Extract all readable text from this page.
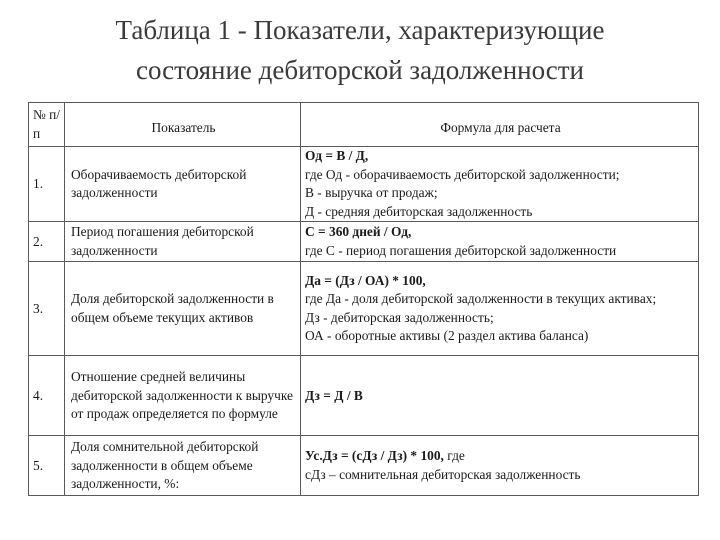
Таблица 1 - Показатели, характеризующие
состояние дебиторской задолженности
№ п/п	Показатель	Формула для расчета
1.	Оборачиваемость дебиторской задолженности	Од = В / Д,
где Од - оборачиваемость дебиторской задолженности;
В - выручка от продаж;
Д - средняя дебиторская задолженность

2.	Период погашения дебиторской задолженности	С = 360 дней / Од,
где С - период погашения дебиторской задолженности

3.	Доля дебиторской задолженности в общем объеме текущих активов	Да = (Дз / ОА) * 100,
где Да - доля дебиторской задолженности в текущих активах;
Дз - дебиторская задолженность;
ОА - оборотные активы (2 раздел актива баланса)

4.	Отношение средней величины дебиторской задолженности к выручке от продаж определяется по формуле	Дз = Д / В

5.	Доля сомнительной дебиторской задолженности в общем объеме задолженности, %:	Ус.Дз = (сДз / Дз) * 100, где
сДз – сомнительная дебиторская задолженность
